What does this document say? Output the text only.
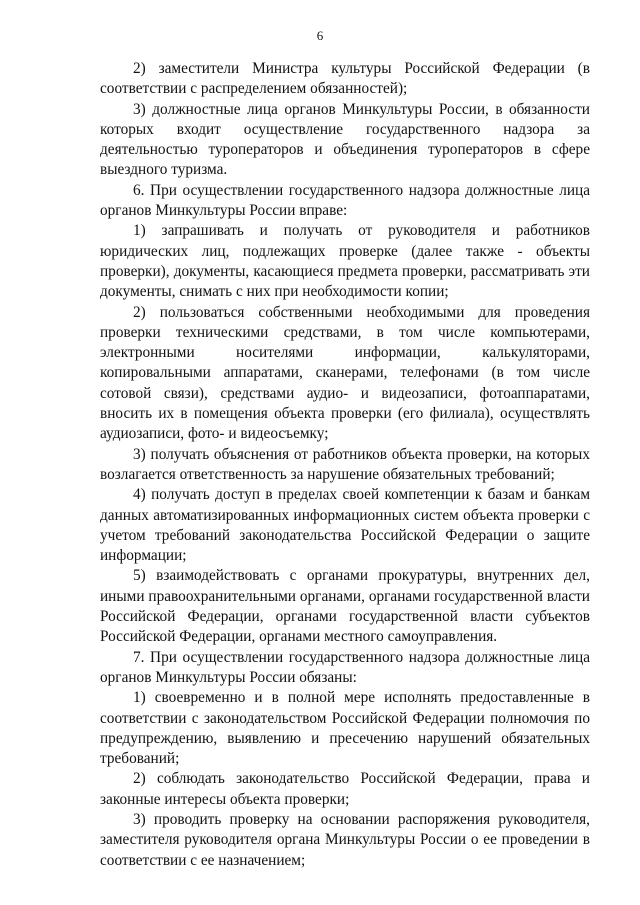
6

2) заместители Министра культуры Российской Федерации (в соответствии с распределением обязанностей);

3) должностные лица органов Минкультуры России, в обязанности которых входит осуществление государственного надзора за деятельностью туроператоров и объединения туроператоров в сфере выездного туризма.

6. При осуществлении государственного надзора должностные лица органов Минкультуры России вправе:

1) запрашивать и получать от руководителя и работников юридических лиц, подлежащих проверке (далее также - объекты проверки), документы, касающиеся предмета проверки, рассматривать эти документы, снимать с них при необходимости копии;

2) пользоваться собственными необходимыми для проведения проверки техническими средствами, в том числе компьютерами, электронными носителями информации, калькуляторами, копировальными аппаратами, сканерами, телефонами (в том числе сотовой связи), средствами аудио- и видеозаписи, фотоаппаратами, вносить их в помещения объекта проверки (его филиала), осуществлять аудиозаписи, фото- и видеосъемку;

3) получать объяснения от работников объекта проверки, на которых возлагается ответственность за нарушение обязательных требований;

4) получать доступ в пределах своей компетенции к базам и банкам данных автоматизированных информационных систем объекта проверки с учетом требований законодательства Российской Федерации о защите информации;

5) взаимодействовать с органами прокуратуры, внутренних дел, иными правоохранительными органами, органами государственной власти Российской Федерации, органами государственной власти субъектов Российской Федерации, органами местного самоуправления.

7. При осуществлении государственного надзора должностные лица органов Минкультуры России обязаны:

1) своевременно и в полной мере исполнять предоставленные в соответствии с законодательством Российской Федерации полномочия по предупреждению, выявлению и пресечению нарушений обязательных требований;

2) соблюдать законодательство Российской Федерации, права и законные интересы объекта проверки;

3) проводить проверку на основании распоряжения руководителя, заместителя руководителя органа Минкультуры России о ее проведении в соответствии с ее назначением;
